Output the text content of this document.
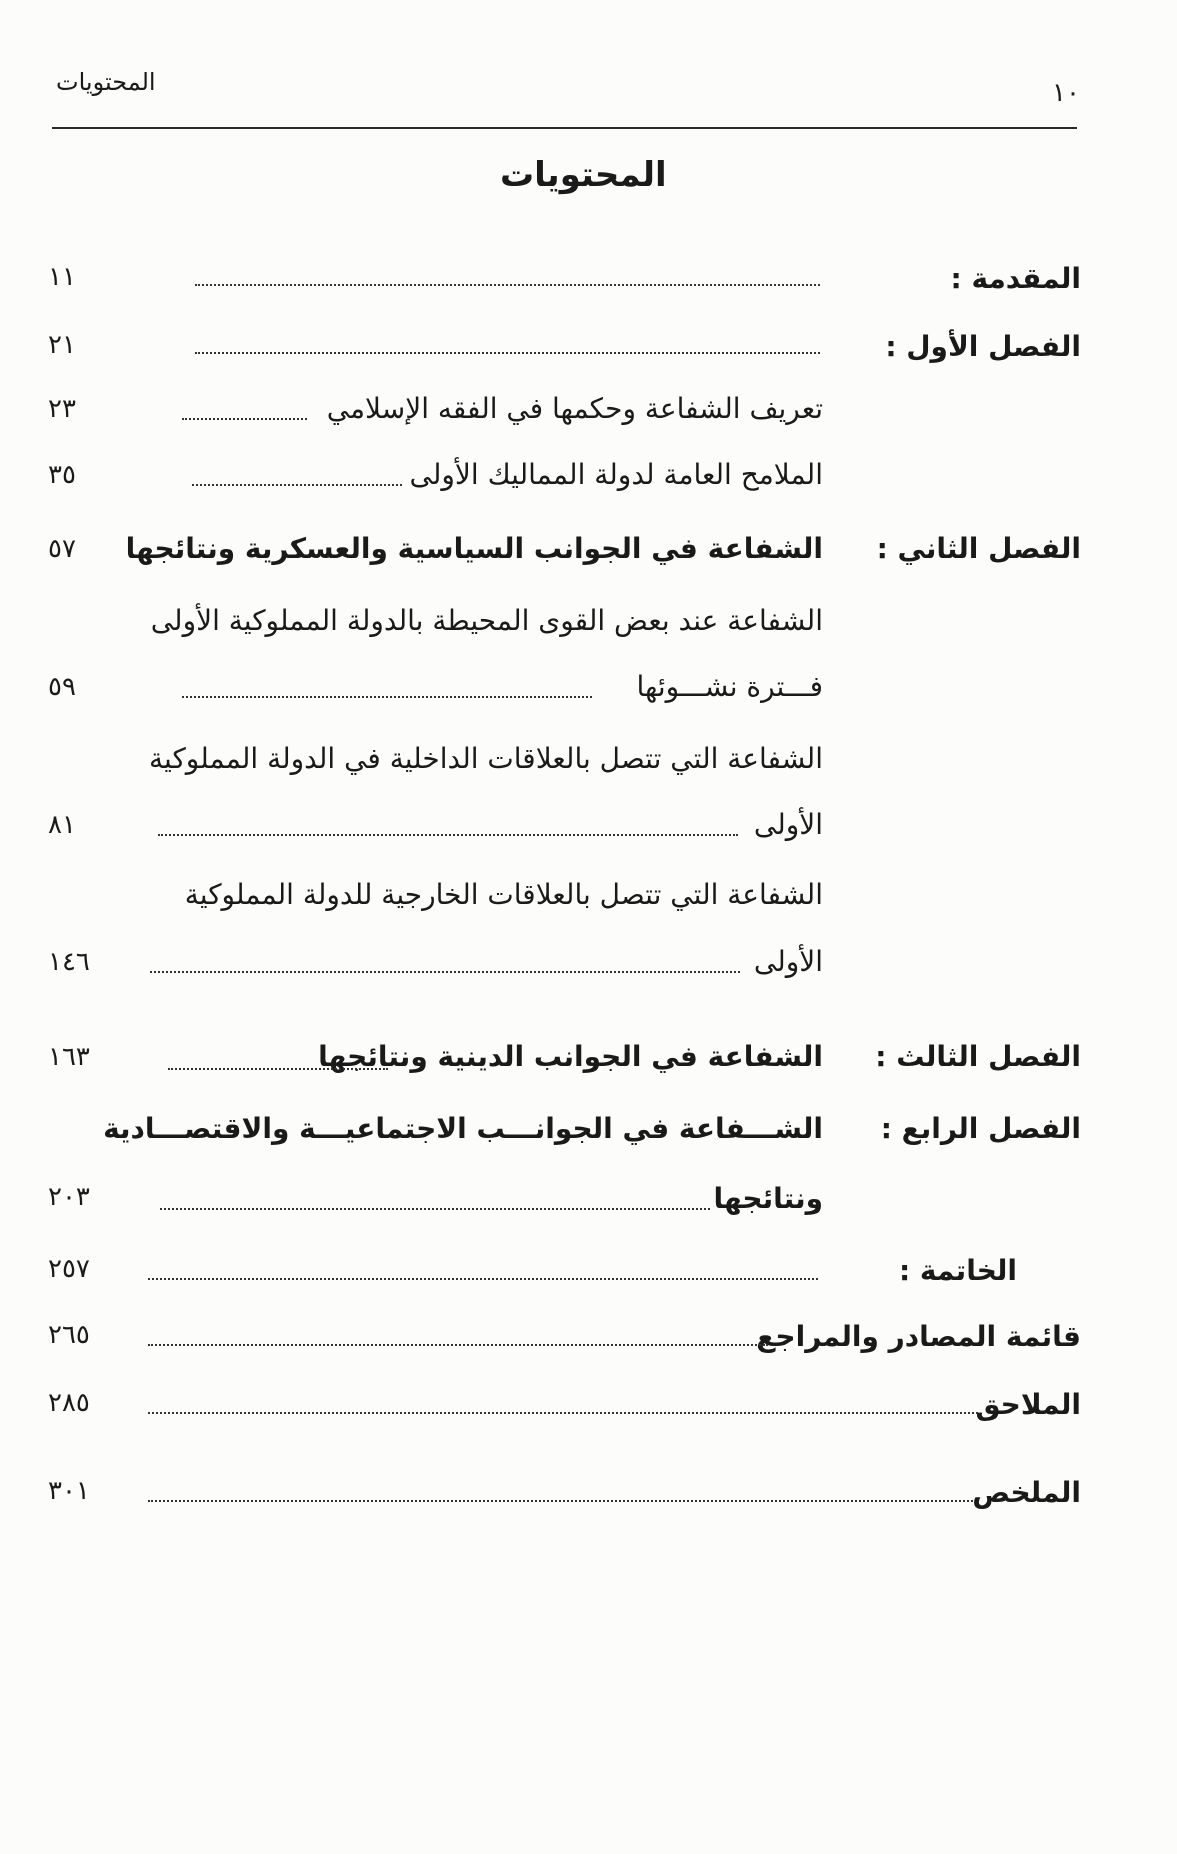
المحتويات	١٠
المحتويات
المقدمة :
١١
الفصل الأول :
٢١
تعريف الشفاعة وحكمها في الفقه الإسلامي
٢٣
الملامح العامة لدولة المماليك الأولى
٣٥
الفصل الثاني :
الشفاعة في الجوانب السياسية والعسكرية ونتائجها
٥٧
الشفاعة عند بعض القوى المحيطة بالدولة المملوكية الأولى
فـــترة نشـــوئها
٥٩
الشفاعة التي تتصل بالعلاقات الداخلية في الدولة المملوكية
الأولى
٨١
الشفاعة التي تتصل بالعلاقات الخارجية للدولة المملوكية
الأولى
١٤٦
الفصل الثالث :
الشفاعة في الجوانب الدينية ونتائجها
١٦٣
الفصل الرابع :
الشـــفاعة في الجوانـــب الاجتماعيـــة والاقتصـــادية
ونتائجها
٢٠٣
الخاتمة :
٢٥٧
قائمة المصادر والمراجع
٢٦٥
الملاحق
٢٨٥
الملخص
٣٠١
